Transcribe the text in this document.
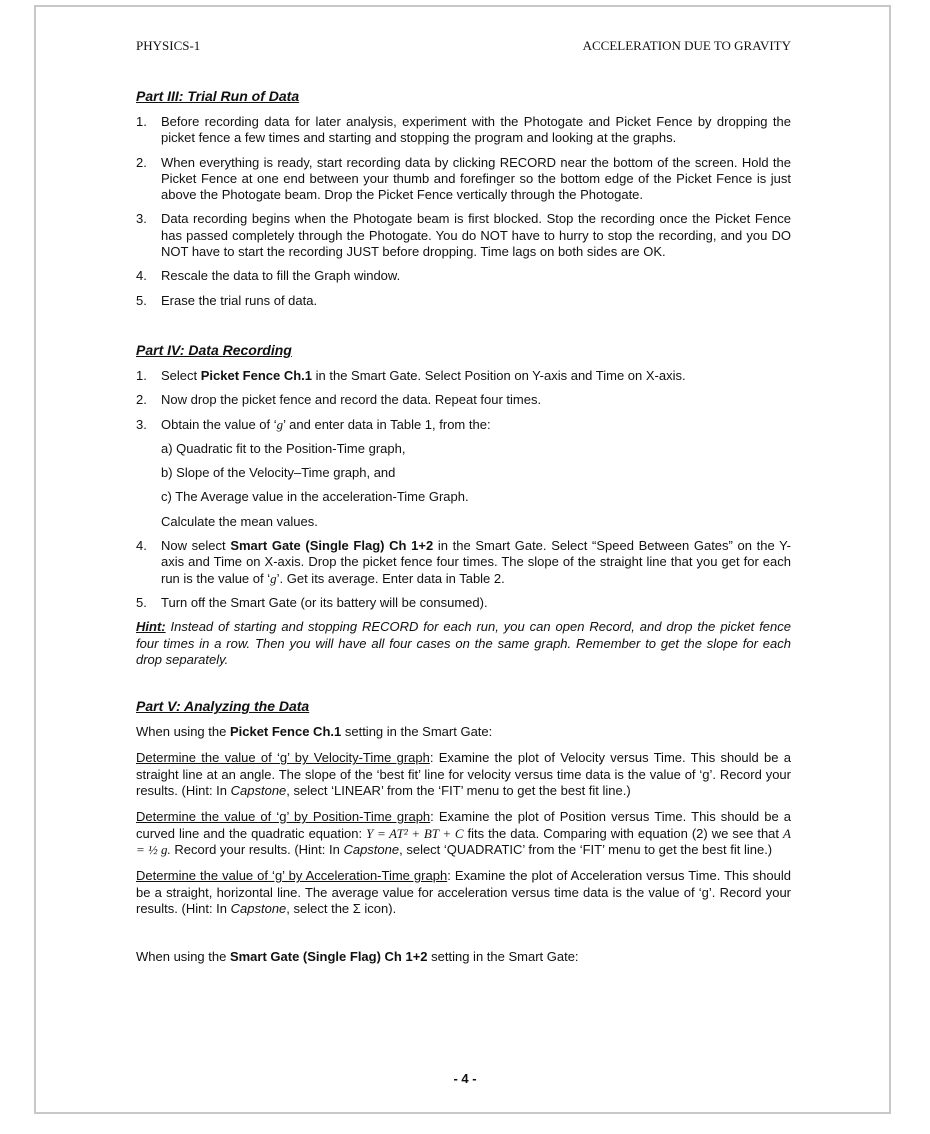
PHYSICS-1	ACCELERATION DUE TO GRAVITY
Part III: Trial Run of Data
1. Before recording data for later analysis, experiment with the Photogate and Picket Fence by dropping the picket fence a few times and starting and stopping the program and looking at the graphs.
2. When everything is ready, start recording data by clicking RECORD near the bottom of the screen. Hold the Picket Fence at one end between your thumb and forefinger so the bottom edge of the Picket Fence is just above the Photogate beam. Drop the Picket Fence vertically through the Photogate.
3. Data recording begins when the Photogate beam is first blocked. Stop the recording once the Picket Fence has passed completely through the Photogate. You do NOT have to hurry to stop the recording, and you DO NOT have to start the recording JUST before dropping. Time lags on both sides are OK.
4. Rescale the data to fill the Graph window.
5. Erase the trial runs of data.
Part IV: Data Recording
1. Select Picket Fence Ch.1 in the Smart Gate. Select Position on Y-axis and Time on X-axis.
2. Now drop the picket fence and record the data. Repeat four times.
3. Obtain the value of ‘g’ and enter data in Table 1, from the:
a) Quadratic fit to the Position-Time graph,
b) Slope of the Velocity–Time graph, and
c) The Average value in the acceleration-Time Graph.
Calculate the mean values.
4. Now select Smart Gate (Single Flag) Ch 1+2 in the Smart Gate. Select “Speed Between Gates” on the Y-axis and Time on X-axis. Drop the picket fence four times. The slope of the straight line that you get for each run is the value of ‘g’. Get its average. Enter data in Table 2.
5. Turn off the Smart Gate (or its battery will be consumed).
Hint: Instead of starting and stopping RECORD for each run, you can open Record, and drop the picket fence four times in a row. Then you will have all four cases on the same graph. Remember to get the slope for each drop separately.
Part V: Analyzing the Data

When using the Picket Fence Ch.1 setting in the Smart Gate:

Determine the value of ‘g’ by Velocity-Time graph: Examine the plot of Velocity versus Time. This should be a straight line at an angle. The slope of the ‘best fit’ line for velocity versus time data is the value of ‘g’. Record your results. (Hint: In Capstone, select ‘LINEAR’ from the ‘FIT’ menu to get the best fit line.)

Determine the value of ‘g’ by Position-Time graph: Examine the plot of Position versus Time. This should be a curved line and the quadratic equation: Y = AT² + BT + C fits the data. Comparing with equation (2) we see that A = ½ g. Record your results. (Hint: In Capstone, select ‘QUADRATIC’ from the ‘FIT’ menu to get the best fit line.)

Determine the value of ‘g’ by Acceleration-Time graph: Examine the plot of Acceleration versus Time. This should be a straight, horizontal line. The average value for acceleration versus time data is the value of ‘g’. Record your results. (Hint: In Capstone, select the Σ icon).

When using the Smart Gate (Single Flag) Ch 1+2 setting in the Smart Gate:

- 4 -
